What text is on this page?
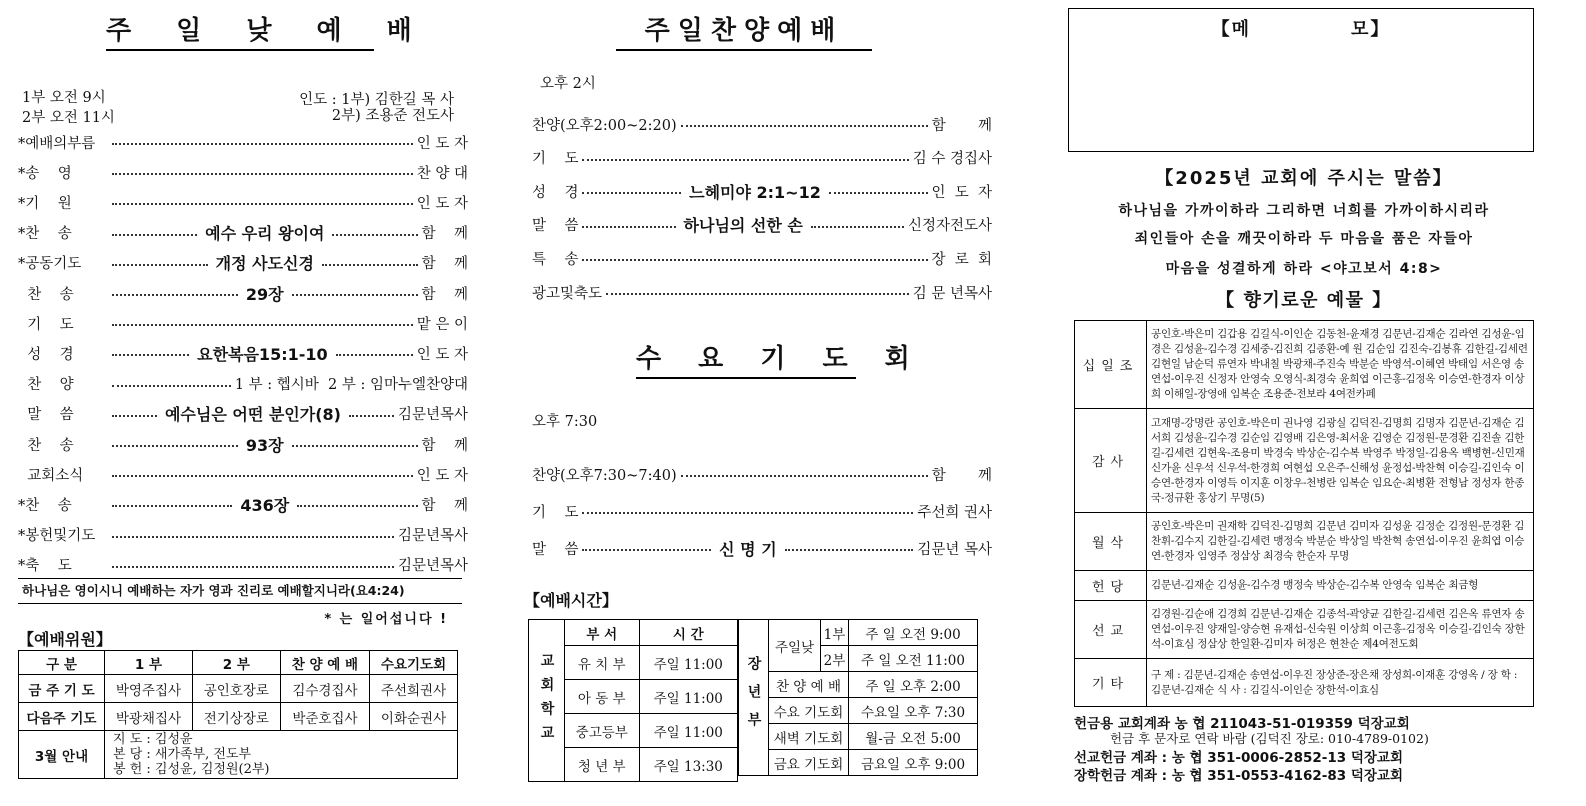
주 일 낮 예 배
1부 오전 9시
2부 오전 11시
인도 : 1부) 김한길 목 사
2부) 조용준 전도사
*예배의부름	인 도 자
*송    영	찬 양 대
*기    원	인 도 자
*찬    송	예수 우리 왕이여	함    께
*공동기도	개정 사도신경	함    께
찬    송	29장	함    께
기    도	맡 은 이
성    경	요한복음15:1-10	인 도 자
찬    양	1 부 : 헵시바  2 부 : 임마누엘찬양대
말    씀	예수님은 어떤 분인가(8)	김문년목사
찬    송	93장	함    께
교회소식	인 도 자
*찬    송	436장	함    께
*봉헌및기도	김문년목사
*축    도	김문년목사
하나님은 영이시니 예배하는 자가 영과 진리로 예배할지니라(요4:24)
* 는 일어섭니다 !
【예배위원】
구 분	1 부	2 부	찬 양 예 배	수요기도회
금 주 기 도	박영주집사	공인호장로	김수경집사	주선희권사
다음주 기도	박광채집사	전기상장로	박준호집사	이화순권사
3월 안내	지 도 : 김성윤
본 당 : 새가족부, 전도부
봉 헌 : 김성윤, 김정원(2부)			
주일찬양예배
오후 2시
찬양(오후2:00~2:20)	함       께
기    도	김 수 경집사
성    경	느헤미야 2:1~12	인  도  자
말    씀	하나님의 선한 손	신정자전도사
특    송	장  로  회
광고및축도	김 문 년목사
수 요 기 도 회
오후 7:30
찬양(오후7:30~7:40)	함       께
기    도	주선희 권사
말    씀	신 명 기	김문년 목사
【예배시간】
교회학교	부 서	시 간
	유 치 부	주일 11:00
	아 동 부	주일 11:00
	중고등부	주일 11:00
	청 년 부	주일 13:30
장년부	주일낮	1부	주 일 오전 9:00
		2부	주 일 오전 11:00
	찬 양 예 배		주 일 오후 2:00
	수요 기도회		수요일 오후 7:30
	새벽 기도회		월-금 오전 5:00
	금요 기도회		금요일 오후 9:00
【메	모】
【2025년 교회에 주시는 말씀】
하나님을 가까이하라 그리하면 너희를 가까이하시리라
죄인들아 손을 깨끗이하라 두 마음을 품은 자들아
마음을 성결하게 하라 <야고보서 4:8>
【 향기로운 예물 】
십일조	공인호-박은미 김갑용 김길식-이인순 김동천-윤재경 김문년-김재순 김라연 김성윤-임경은 김성윤-김수경 김세중-김진희 김종환-예 원 김순임 김진숙-김봉휴 김한길-김세련 김현일 남순덕 류연자 박내칠 박광채-주진숙 박분순 박영석-이혜연 박태임 서은영 송연섭-이우진 신정자 안영숙 오영식-최경숙 윤희엽 이근홍-김정옥 이승연-한경자 이상희 이해일-장영애 임복순 조용준-전보라 4여전카페
감사	고재명-강명란 공인호-박은미 권나영 김광실 김덕진-김명희 김명자 김문년-김재순 김서희 김성윤-김수경 김순임 김영배 김은영-최서윤 김영순 김정원-문경환 김진솔 김한길-김세련 김현욱-조용미 박경숙 박상순-김수복 박영주 박정일-김용옥 백병현-신민재 신가윤 신우석 신우석-한경희 여현섭 오은주-신해성 윤정섭-박찬혁 이승길-김인숙 이승연-한경자 이영득 이지훈 이창우-천병란 임복순 임요순-최병환 전형남 정성자 한종국-정규환 홍상기 무명(5)
월삭	공인호-박은미 권재학 김덕진-김명희 김문년 김미자 김성윤 김정순 김정원-문경환 김찬휘-김수지 김한길-김세련 맹정숙 박분순 박상일 박찬혁 송연섭-이우진 윤희엽 이승연-한경자 임영주 정삼상 최경숙 한순자 무명
헌당	김문년-김재순 김성윤-김수경 맹정숙 박상순-김수복 안영숙 임복순 최금형
선교	김경원-김순애 김경희 김문년-김재순 김종석-곽양균 김한길-김세련 김은옥 류연자 송연섭-이우진 양재일-양승현 유재섭-신숙원 이상희 이근홍-김정옥 이승길-김인숙 장한석-이효심 정삼상 한일환-김미자 허정은 현찬순 제4여전도회
기타	구 제 : 김문년-김재순 송연섭-이우진 장상준-장은채 장성희-이재훈 강영옥 / 장 학 : 김문년-김재순 식 사 : 김길식-이인순 장한석-이효심
헌금용 교회계좌 농 협 211043-51-019359 덕장교회
헌금 후 문자로 연락 바람 (김덕진 장로: 010-4789-0102)
선교헌금 계좌 : 농 협 351-0006-2852-13 덕장교회
장학헌금 계좌 : 농 협 351-0553-4162-83 덕장교회
